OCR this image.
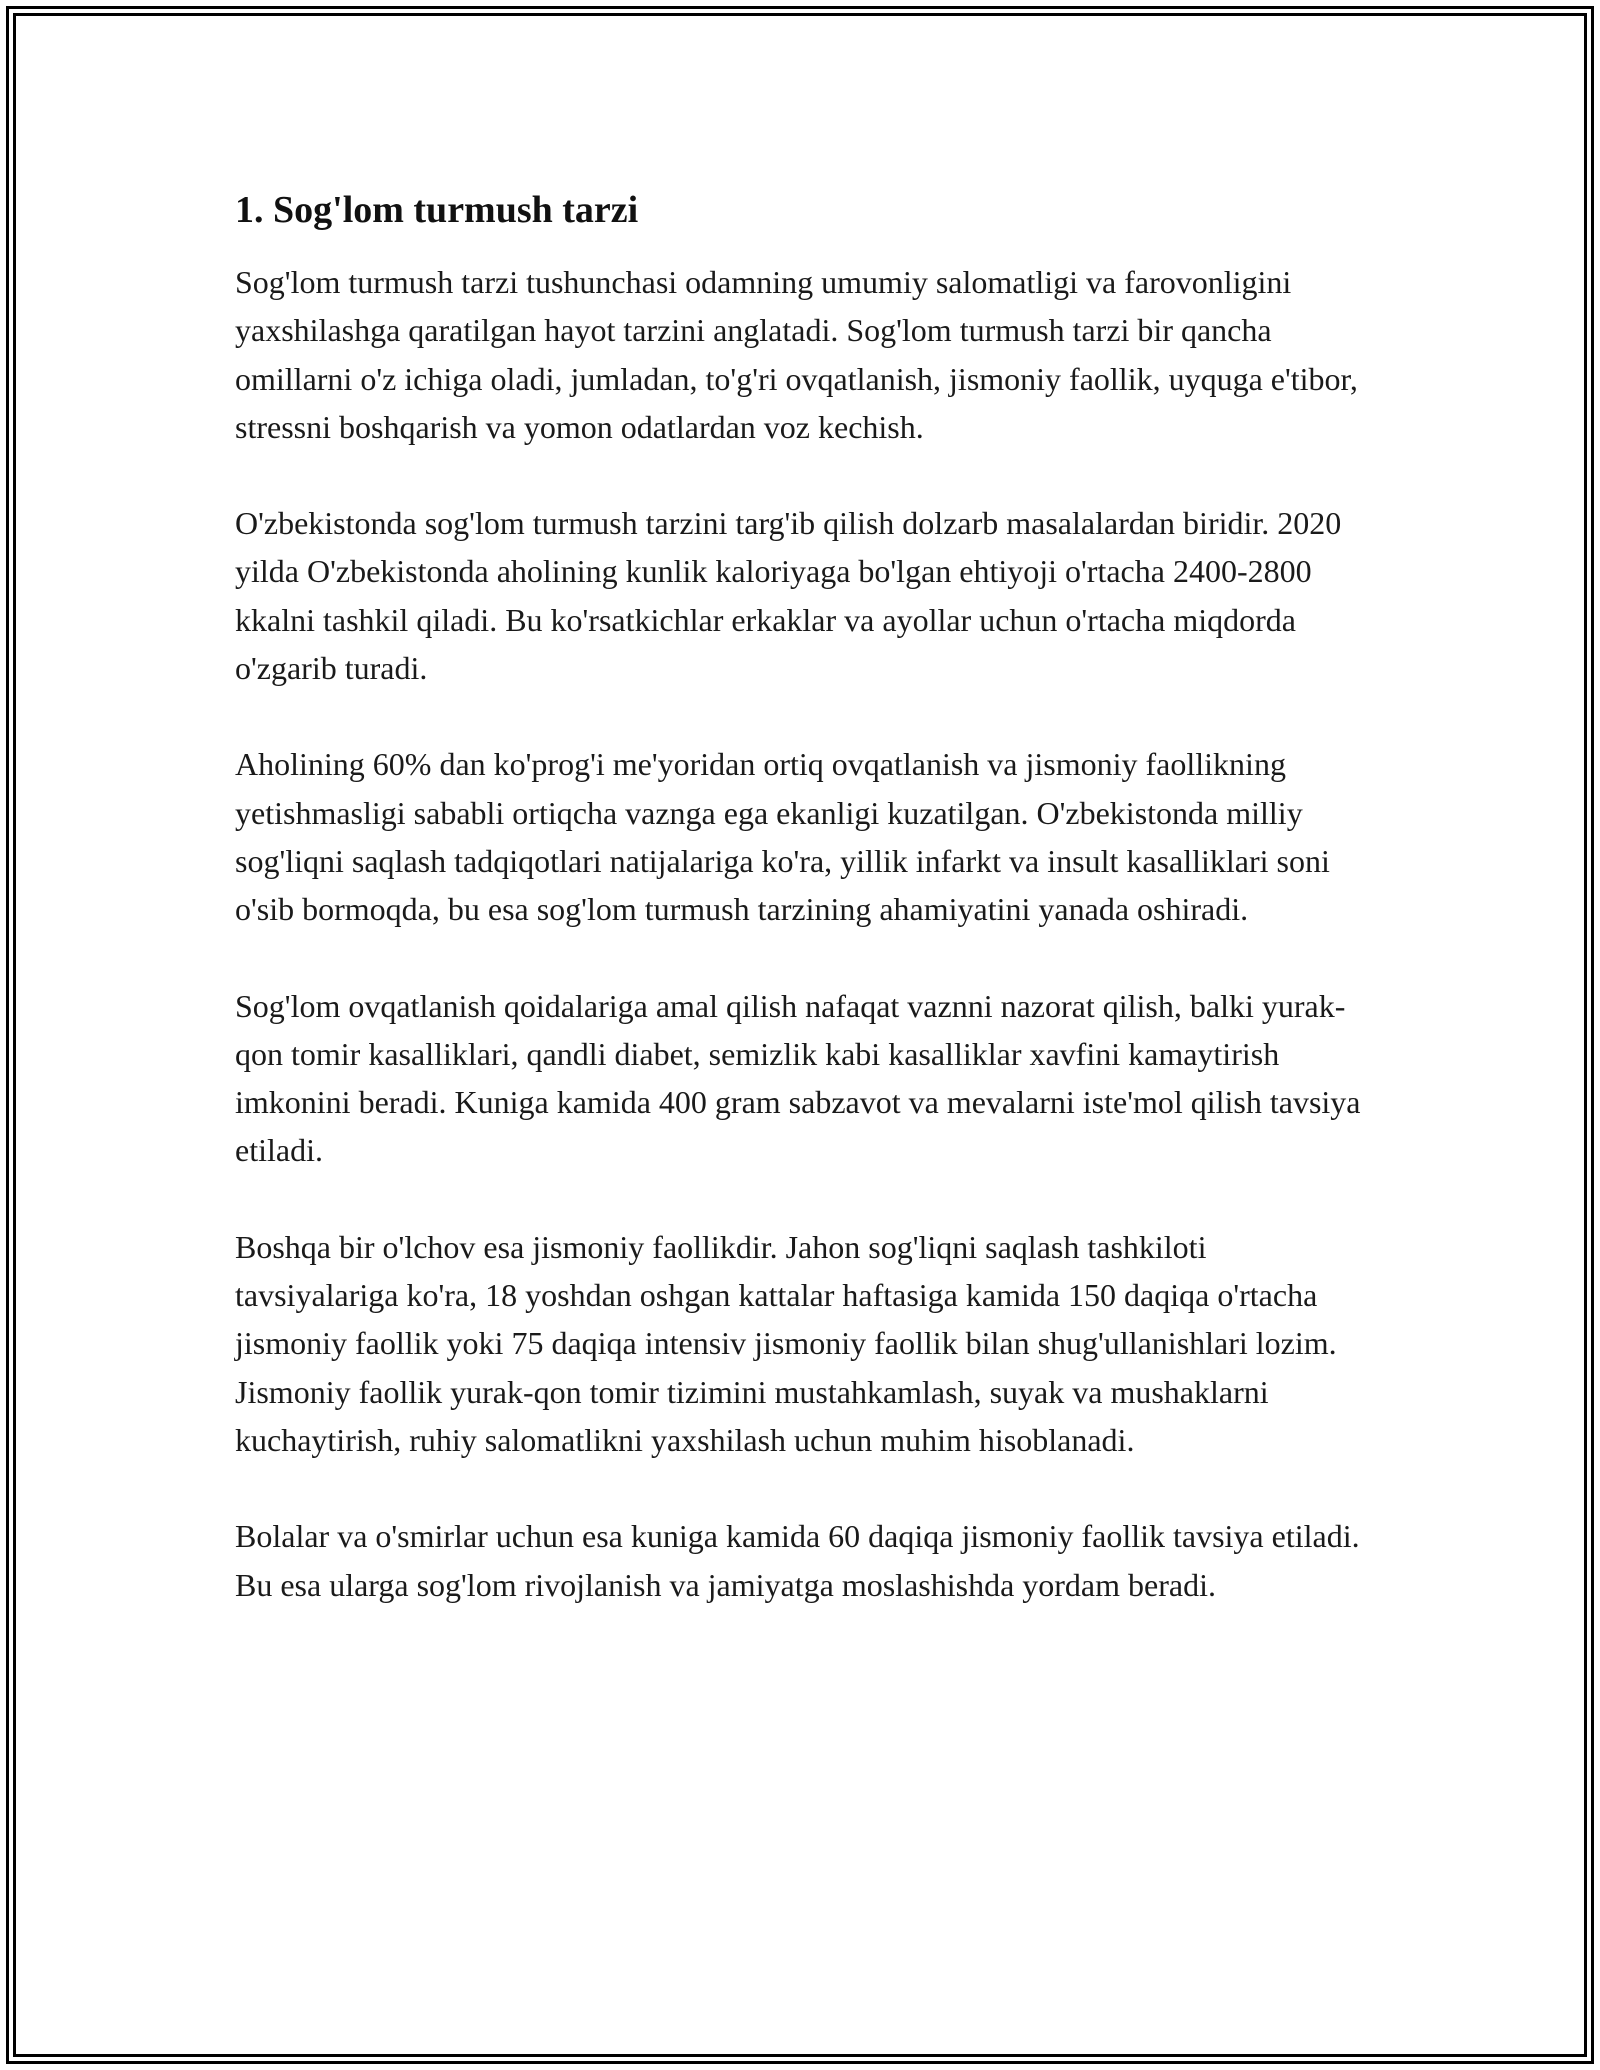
1. Sog'lom turmush tarzi

Sog'lom turmush tarzi tushunchasi odamning umumiy salomatligi va farovonligini yaxshilashga qaratilgan hayot tarzini anglatadi. Sog'lom turmush tarzi bir qancha omillarni o'z ichiga oladi, jumladan, to'g'ri ovqatlanish, jismoniy faollik, uyquga e'tibor, stressni boshqarish va yomon odatlardan voz kechish.

O'zbekistonda sog'lom turmush tarzini targ'ib qilish dolzarb masalalardan biridir. 2020 yilda O'zbekistonda aholining kunlik kaloriyaga bo'lgan ehtiyoji o'rtacha 2400-2800 kkalni tashkil qiladi. Bu ko'rsatkichlar erkaklar va ayollar uchun o'rtacha miqdorda o'zgarib turadi.

Aholining 60% dan ko'prog'i me'yoridan ortiq ovqatlanish va jismoniy faollikning yetishmasligi sababli ortiqcha vaznga ega ekanligi kuzatilgan. O'zbekistonda milliy sog'liqni saqlash tadqiqotlari natijalariga ko'ra, yillik infarkt va insult kasalliklari soni o'sib bormoqda, bu esa sog'lom turmush tarzining ahamiyatini yanada oshiradi.

Sog'lom ovqatlanish qoidalariga amal qilish nafaqat vaznni nazorat qilish, balki yurak-qon tomir kasalliklari, qandli diabet, semizlik kabi kasalliklar xavfini kamaytirish imkonini beradi. Kuniga kamida 400 gram sabzavot va mevalarni iste'mol qilish tavsiya etiladi.

Boshqa bir o'lchov esa jismoniy faollikdir. Jahon sog'liqni saqlash tashkiloti tavsiyalariga ko'ra, 18 yoshdan oshgan kattalar haftasiga kamida 150 daqiqa o'rtacha jismoniy faollik yoki 75 daqiqa intensiv jismoniy faollik bilan shug'ullanishlari lozim. Jismoniy faollik yurak-qon tomir tizimini mustahkamlash, suyak va mushaklarni kuchaytirish, ruhiy salomatlikni yaxshilash uchun muhim hisoblanadi.

Bolalar va o'smirlar uchun esa kuniga kamida 60 daqiqa jismoniy faollik tavsiya etiladi. Bu esa ularga sog'lom rivojlanish va jamiyatga moslashishda yordam beradi.
